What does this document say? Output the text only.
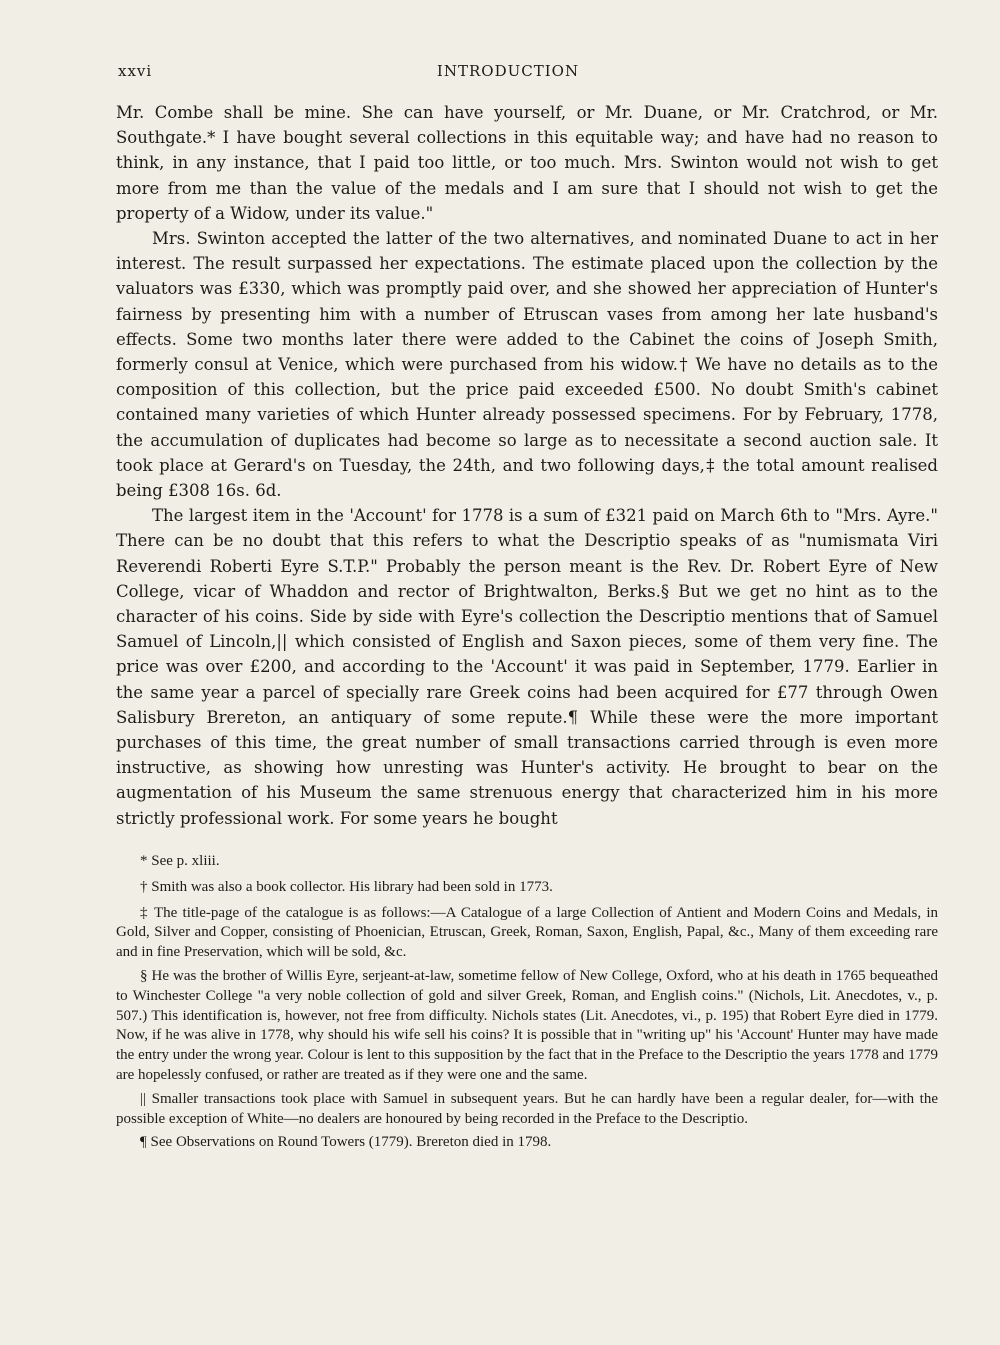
xxvi	INTRODUCTION

Mr. Combe shall be mine. She can have yourself, or Mr. Duane, or Mr. Cratchrod, or Mr. Southgate.* I have bought several collections in this equitable way; and have had no reason to think, in any instance, that I paid too little, or too much. Mrs. Swinton would not wish to get more from me than the value of the medals and I am sure that I should not wish to get the property of a Widow, under its value."

Mrs. Swinton accepted the latter of the two alternatives, and nominated Duane to act in her interest. The result surpassed her expectations. The estimate placed upon the collection by the valuators was £330, which was promptly paid over, and she showed her appreciation of Hunter's fairness by presenting him with a number of Etruscan vases from among her late husband's effects. Some two months later there were added to the Cabinet the coins of Joseph Smith, formerly consul at Venice, which were purchased from his widow.† We have no details as to the composition of this collection, but the price paid exceeded £500. No doubt Smith's cabinet contained many varieties of which Hunter already possessed specimens. For by February, 1778, the accumulation of duplicates had become so large as to necessitate a second auction sale. It took place at Gerard's on Tuesday, the 24th, and two following days,‡ the total amount realised being £308 16s. 6d.

The largest item in the 'Account' for 1778 is a sum of £321 paid on March 6th to "Mrs. Ayre." There can be no doubt that this refers to what the Descriptio speaks of as "numismata Viri Reverendi Roberti Eyre S.T.P." Probably the person meant is the Rev. Dr. Robert Eyre of New College, vicar of Whaddon and rector of Brightwalton, Berks.§ But we get no hint as to the character of his coins. Side by side with Eyre's collection the Descriptio mentions that of Samuel Samuel of Lincoln,|| which consisted of English and Saxon pieces, some of them very fine. The price was over £200, and according to the 'Account' it was paid in September, 1779. Earlier in the same year a parcel of specially rare Greek coins had been acquired for £77 through Owen Salisbury Brereton, an antiquary of some repute.¶ While these were the more important purchases of this time, the great number of small transactions carried through is even more instructive, as showing how unresting was Hunter's activity. He brought to bear on the augmentation of his Museum the same strenuous energy that characterized him in his more strictly professional work. For some years he bought

* See p. xliii.

† Smith was also a book collector. His library had been sold in 1773.

‡ The title-page of the catalogue is as follows:—A Catalogue of a large Collection of Antient and Modern Coins and Medals, in Gold, Silver and Copper, consisting of Phoenician, Etruscan, Greek, Roman, Saxon, English, Papal, &c., Many of them exceeding rare and in fine Preservation, which will be sold, &c.

§ He was the brother of Willis Eyre, serjeant-at-law, sometime fellow of New College, Oxford, who at his death in 1765 bequeathed to Winchester College "a very noble collection of gold and silver Greek, Roman, and English coins." (Nichols, Lit. Anecdotes, v., p. 507.) This identification is, however, not free from difficulty. Nichols states (Lit. Anecdotes, vi., p. 195) that Robert Eyre died in 1779. Now, if he was alive in 1778, why should his wife sell his coins? It is possible that in "writing up" his 'Account' Hunter may have made the entry under the wrong year. Colour is lent to this supposition by the fact that in the Preface to the Descriptio the years 1778 and 1779 are hopelessly confused, or rather are treated as if they were one and the same.

|| Smaller transactions took place with Samuel in subsequent years. But he can hardly have been a regular dealer, for—with the possible exception of White—no dealers are honoured by being recorded in the Preface to the Descriptio.

¶ See Observations on Round Towers (1779). Brereton died in 1798.
